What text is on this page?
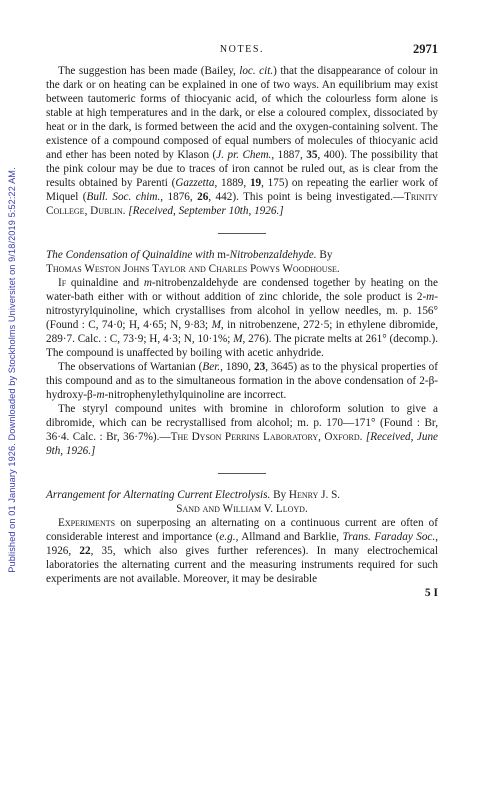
Published on 01 January 1926. Downloaded by Stockholms Universitet on 9/18/2019 5:52:22 AM.
NOTES.	2971

The suggestion has been made (Bailey, loc. cit.) that the disappearance of colour in the dark or on heating can be explained in one of two ways. An equilibrium may exist between tautomeric forms of thiocyanic acid, of which the colourless form alone is stable at high temperatures and in the dark, or else a coloured complex, dissociated by heat or in the dark, is formed between the acid and the oxygen-containing solvent. The existence of a compound composed of equal numbers of molecules of thiocyanic acid and ether has been noted by Klason (J. pr. Chem., 1887, 35, 400). The possibility that the pink colour may be due to traces of iron cannot be ruled out, as is clear from the results obtained by Parenti (Gazzetta, 1889, 19, 175) on repeating the earlier work of Miquel (Bull. Soc. chim., 1876, 26, 442). This point is being investigated.—Trinity College, Dublin. [Received, September 10th, 1926.]

The Condensation of Quinaldine with m-Nitrobenzaldehyde. By

Thomas Weston Johns Taylor and Charles Powys Woodhouse.

If quinaldine and m-nitrobenzaldehyde are condensed together by heating on the water-bath either with or without addition of zinc chloride, the sole product is 2-m-nitrostyrylquinoline, which crystallises from alcohol in yellow needles, m. p. 156° (Found : C, 74·0; H, 4·65; N, 9·83; M, in nitrobenzene, 272·5; in ethylene dibromide, 289·7. Calc. : C, 73·9; H, 4·3; N, 10·1%; M, 276). The picrate melts at 261° (decomp.). The compound is unaffected by boiling with acetic anhydride.

The observations of Wartanian (Ber., 1890, 23, 3645) as to the physical properties of this compound and as to the simultaneous formation in the above condensation of 2-β-hydroxy-β-m-nitrophenylethylquinoline are incorrect.

The styryl compound unites with bromine in chloroform solution to give a dibromide, which can be recrystallised from alcohol; m. p. 170—171° (Found : Br, 36·4. Calc. : Br, 36·7%).—The Dyson Perrins Laboratory, Oxford. [Received, June 9th, 1926.]

Arrangement for Alternating Current Electrolysis. By Henry J. S.

Sand and William V. Lloyd.

Experiments on superposing an alternating on a continuous current are often of considerable interest and importance (e.g., Allmand and Barklie, Trans. Faraday Soc., 1926, 22, 35, which also gives further references). In many electrochemical laboratories the alternating current and the measuring instruments required for such experiments are not available. Moreover, it may be desirable

5 I
